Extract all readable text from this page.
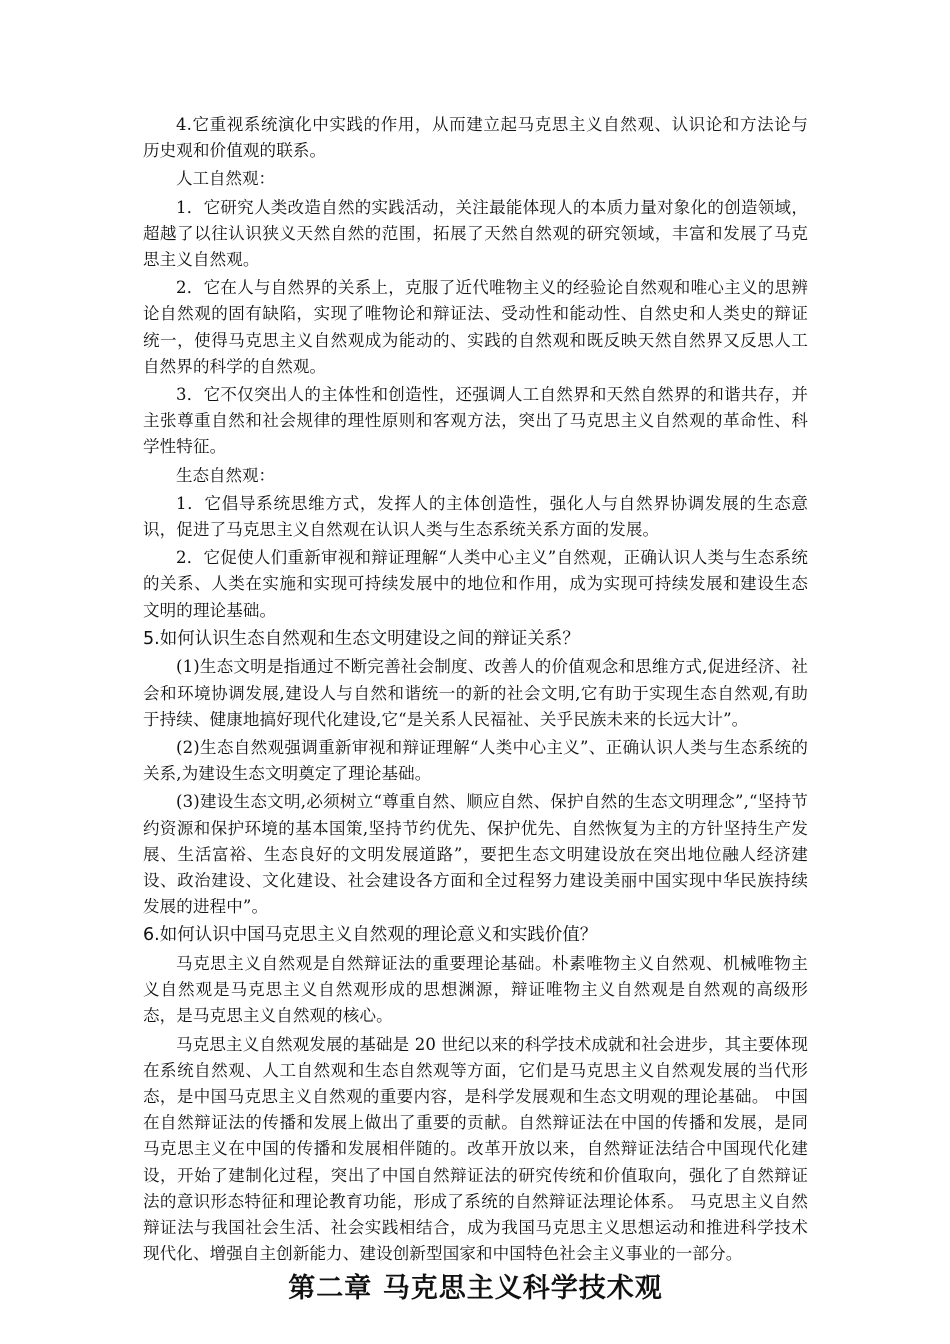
4.它重视系统演化中实践的作用，从而建立起马克思主义自然观、认识论和方法论与历史观和价值观的联系。

人工自然观：

1．它研究人类改造自然的实践活动，关注最能体现人的本质力量对象化的创造领域，超越了以往认识狭义天然自然的范围，拓展了天然自然观的研究领域，丰富和发展了马克思主义自然观。

2．它在人与自然界的关系上，克服了近代唯物主义的经验论自然观和唯心主义的思辨论自然观的固有缺陷，实现了唯物论和辩证法、受动性和能动性、自然史和人类史的辩证统一，使得马克思主义自然观成为能动的、实践的自然观和既反映天然自然界又反思人工自然界的科学的自然观。

3．它不仅突出人的主体性和创造性，还强调人工自然界和天然自然界的和谐共存，并主张尊重自然和社会规律的理性原则和客观方法，突出了马克思主义自然观的革命性、科学性特征。

生态自然观：

1．它倡导系统思维方式，发挥人的主体创造性，强化人与自然界协调发展的生态意识，促进了马克思主义自然观在认识人类与生态系统关系方面的发展。

2．它促使人们重新审视和辩证理解“人类中心主义”自然观，正确认识人类与生态系统的关系、人类在实施和实现可持续发展中的地位和作用，成为实现可持续发展和建设生态文明的理论基础。

5.如何认识生态自然观和生态文明建设之间的辩证关系？

(1)生态文明是指通过不断完善社会制度、改善人的价值观念和思维方式,促进经济、社会和环境协调发展,建设人与自然和谐统一的新的社会文明,它有助于实现生态自然观,有助于持续、健康地搞好现代化建设,它“是关系人民福祉、关乎民族未来的长远大计”。

(2)生态自然观强调重新审视和辩证理解“人类中心主义”、正确认识人类与生态系统的关系,为建设生态文明奠定了理论基础。

(3)建设生态文明,必须树立“尊重自然、顺应自然、保护自然的生态文明理念”,“坚持节约资源和保护环境的基本国策,坚持节约优先、保护优先、自然恢复为主的方针坚持生产发展、生活富裕、生态良好的文明发展道路”，要把生态文明建设放在突出地位融人经济建设、政治建设、文化建设、社会建设各方面和全过程努力建设美丽中国实现中华民族持续发展的进程中”。

6.如何认识中国马克思主义自然观的理论意义和实践价值？

马克思主义自然观是自然辩证法的重要理论基础。朴素唯物主义自然观、机械唯物主义自然观是马克思主义自然观形成的思想渊源，辩证唯物主义自然观是自然观的高级形态，是马克思主义自然观的核心。

马克思主义自然观发展的基础是 20 世纪以来的科学技术成就和社会进步，其主要体现在系统自然观、人工自然观和生态自然观等方面，它们是马克思主义自然观发展的当代形态，是中国马克思主义自然观的重要内容，是科学发展观和生态文明观的理论基础。 中国在自然辩证法的传播和发展上做出了重要的贡献。自然辩证法在中国的传播和发展，是同马克思主义在中国的传播和发展相伴随的。改革开放以来，自然辩证法结合中国现代化建设，开始了建制化过程，突出了中国自然辩证法的研究传统和价值取向，强化了自然辩证法的意识形态特征和理论教育功能，形成了系统的自然辩证法理论体系。 马克思主义自然辩证法与我国社会生活、社会实践相结合，成为我国马克思主义思想运动和推进科学技术现代化、增强自主创新能力、建设创新型国家和中国特色社会主义事业的一部分。

第二章 马克思主义科学技术观
